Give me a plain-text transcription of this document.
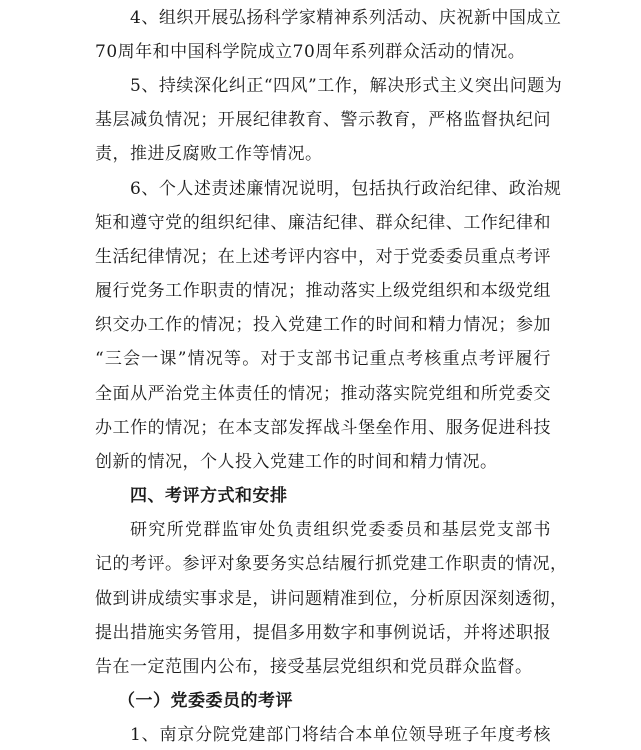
4、组织开展弘扬科学家精神系列活动、庆祝新中国成立
70周年和中国科学院成立70周年系列群众活动的情况。
5、持续深化纠正“四风”工作，解决形式主义突出问题为
基层减负情况；开展纪律教育、警示教育，严格监督执纪问
责，推进反腐败工作等情况。
6、个人述责述廉情况说明，包括执行政治纪律、政治规
矩和遵守党的组织纪律、廉洁纪律、群众纪律、工作纪律和
生活纪律情况；在上述考评内容中，对于党委委员重点考评
履行党务工作职责的情况；推动落实上级党组织和本级党组
织交办工作的情况；投入党建工作的时间和精力情况；参加
“三会一课”情况等。对于支部书记重点考核重点考评履行
全面从严治党主体责任的情况；推动落实院党组和所党委交
办工作的情况；在本支部发挥战斗堡垒作用、服务促进科技
创新的情况，个人投入党建工作的时间和精力情况。
四、考评方式和安排
研究所党群监审处负责组织党委委员和基层党支部书
记的考评。参评对象要务实总结履行抓党建工作职责的情况，
做到讲成绩实事求是，讲问题精准到位，分析原因深刻透彻，
提出措施实务管用，提倡多用数字和事例说话，并将述职报
告在一定范围内公布，接受基层党组织和党员群众监督。
（一）党委委员的考评
1、南京分院党建部门将结合本单位领导班子年度考核
